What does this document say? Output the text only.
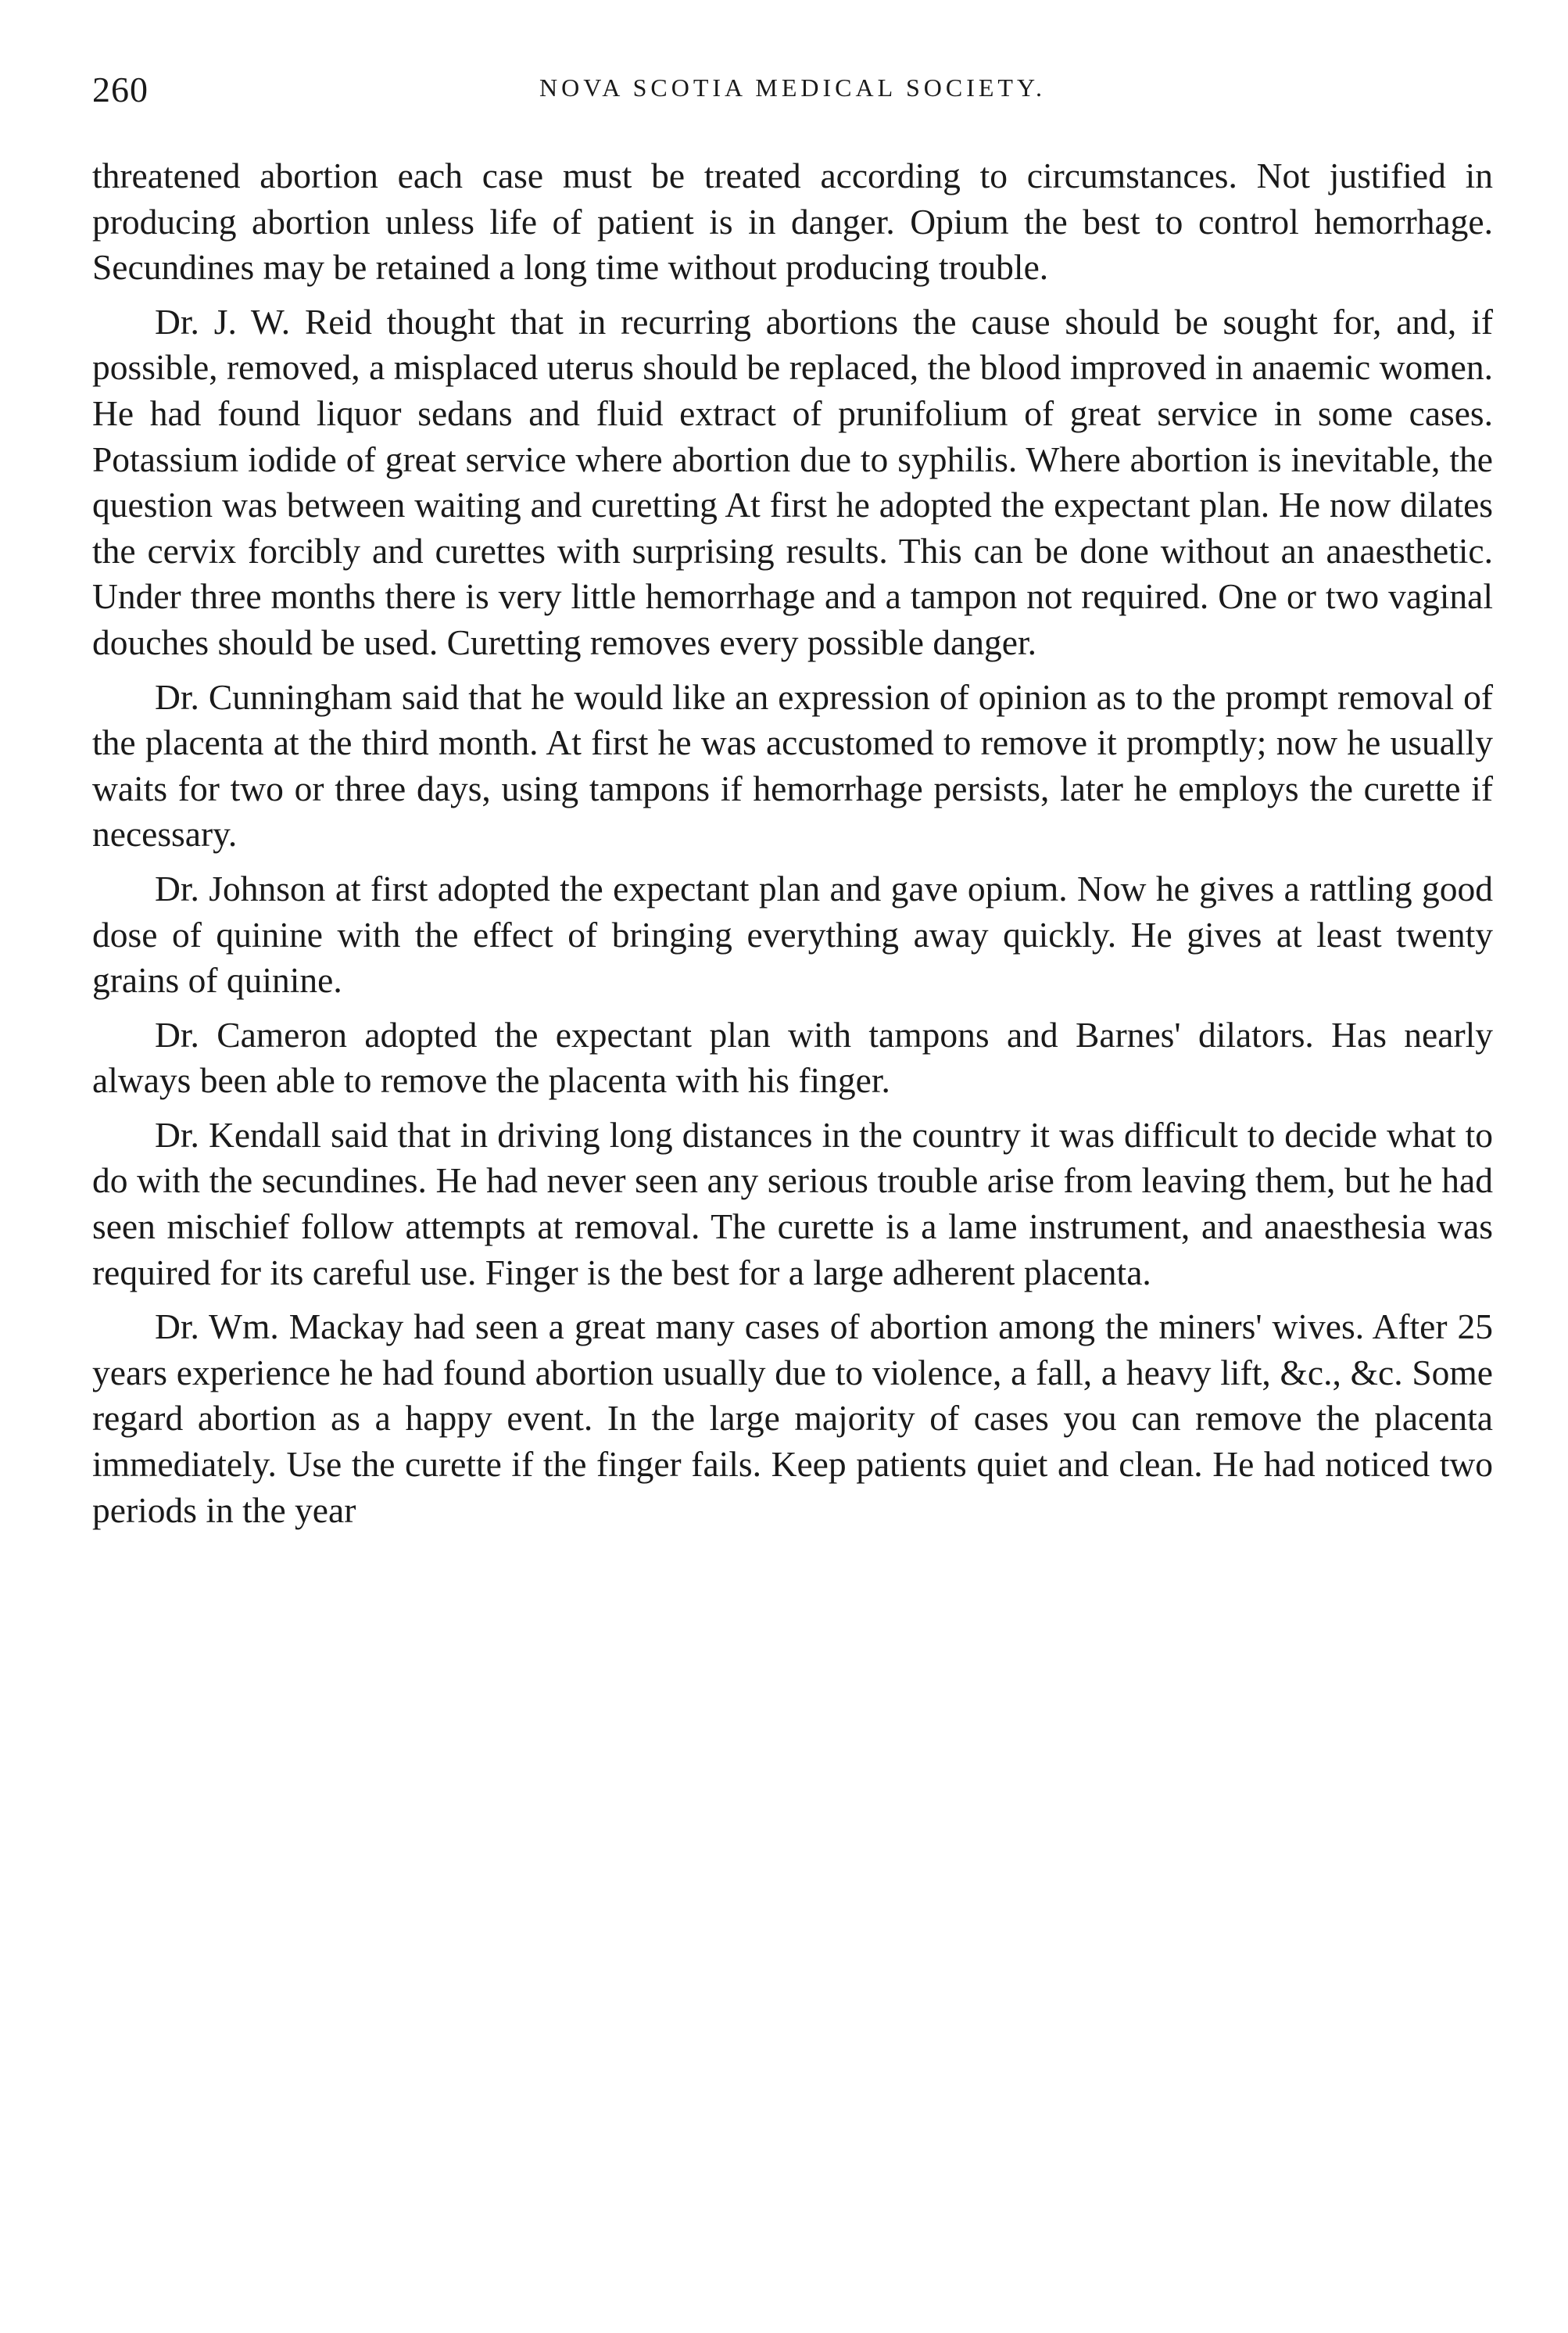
260	NOVA SCOTIA MEDICAL SOCIETY.

threatened abortion each case must be treated according to circumstances. Not justified in producing abortion unless life of patient is in danger. Opium the best to control hemorrhage. Secundines may be retained a long time without producing trouble.

Dr. J. W. Reid thought that in recurring abortions the cause should be sought for, and, if possible, removed, a misplaced uterus should be replaced, the blood improved in anaemic women. He had found liquor sedans and fluid extract of prunifolium of great service in some cases. Potassium iodide of great service where abortion due to syphilis. Where abortion is inevitable, the question was between waiting and curetting At first he adopted the expectant plan. He now dilates the cervix forcibly and curettes with surprising results. This can be done without an anaesthetic. Under three months there is very little hemorrhage and a tampon not required. One or two vaginal douches should be used. Curetting removes every possible danger.

Dr. Cunningham said that he would like an expression of opinion as to the prompt removal of the placenta at the third month. At first he was accustomed to remove it promptly; now he usually waits for two or three days, using tampons if hemorrhage persists, later he employs the curette if necessary.

Dr. Johnson at first adopted the expectant plan and gave opium. Now he gives a rattling good dose of quinine with the effect of bringing everything away quickly. He gives at least twenty grains of quinine.

Dr. Cameron adopted the expectant plan with tampons and Barnes' dilators. Has nearly always been able to remove the placenta with his finger.

Dr. Kendall said that in driving long distances in the country it was difficult to decide what to do with the secundines. He had never seen any serious trouble arise from leaving them, but he had seen mischief follow attempts at removal. The curette is a lame instrument, and anaesthesia was required for its careful use. Finger is the best for a large adherent placenta.

Dr. Wm. Mackay had seen a great many cases of abortion among the miners' wives. After 25 years experience he had found abortion usually due to violence, a fall, a heavy lift, &c., &c. Some regard abortion as a happy event. In the large majority of cases you can remove the placenta immediately. Use the curette if the finger fails. Keep patients quiet and clean. He had noticed two periods in the year
